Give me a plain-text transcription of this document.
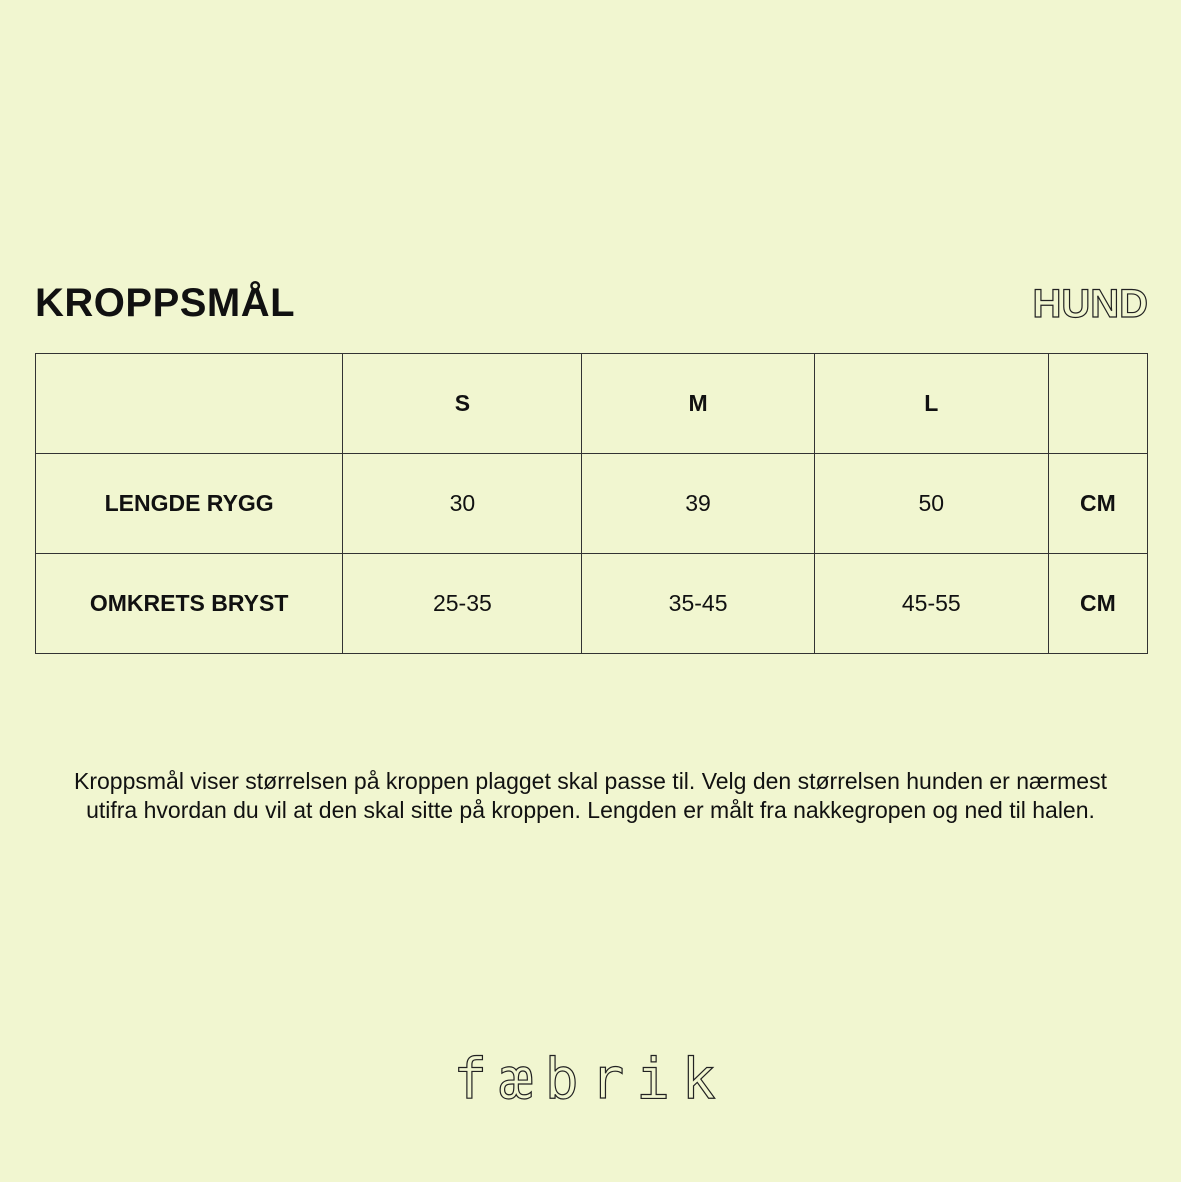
KROPPSMÅL	HUND
	S	M	L	
LENGDE RYGG	30	39	50	CM
OMKRETS BRYST	25-35	35-45	45-55	CM

Kroppsmål viser størrelsen på kroppen plagget skal passe til. Velg den størrelsen hunden er nærmest utifra hvordan du vil at den skal sitte på kroppen. Lengden er målt fra nakkegropen og ned til halen.

fæbrik
